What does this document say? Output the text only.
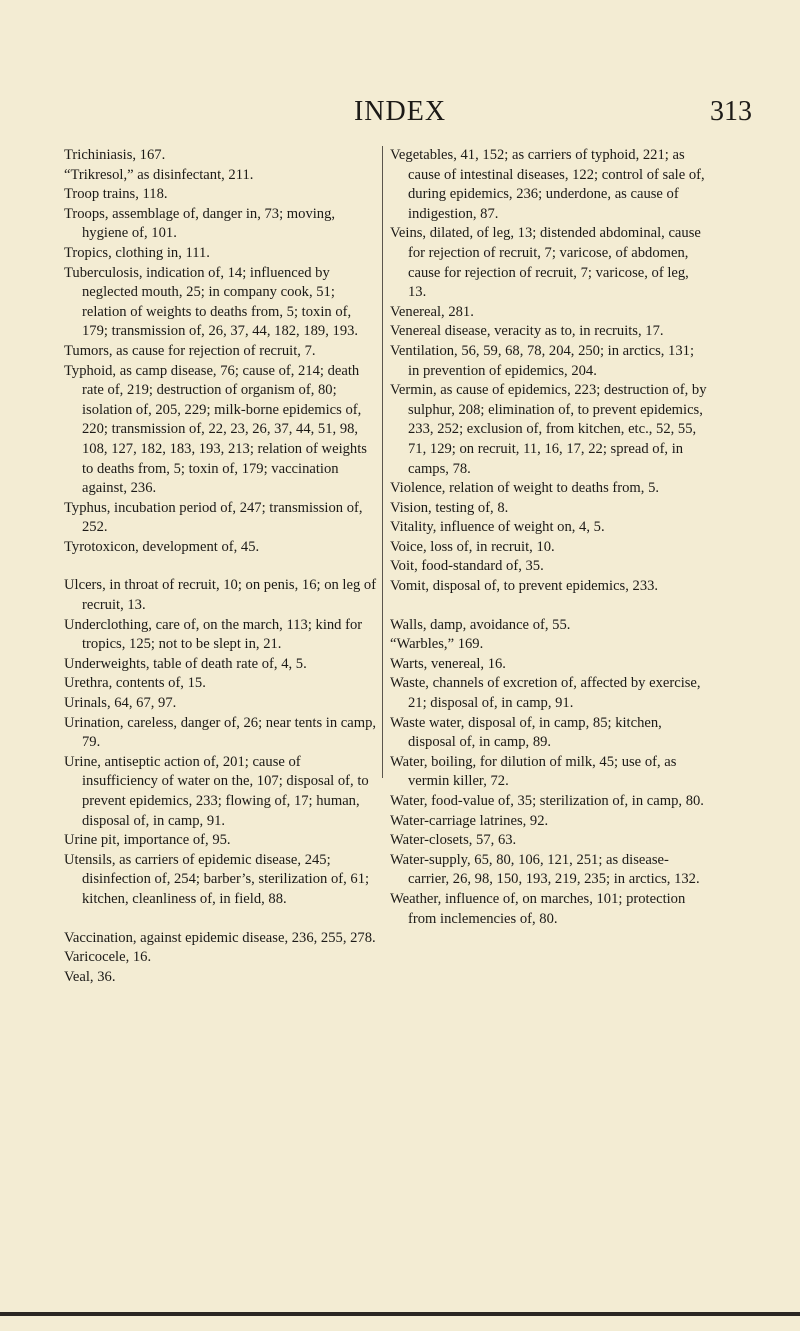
INDEX	313

Trichiniasis, 167.

“Trikresol,” as disinfectant, 211.

Troop trains, 118.

Troops, assemblage of, danger in, 73; moving, hygiene of, 101.

Tropics, clothing in, 111.

Tuberculosis, indication of, 14; influenced by neglected mouth, 25; in company cook, 51; relation of weights to deaths from, 5; toxin of, 179; transmission of, 26, 37, 44, 182, 189, 193.

Tumors, as cause for rejection of recruit, 7.

Typhoid, as camp disease, 76; cause of, 214; death rate of, 219; destruction of organism of, 80; isolation of, 205, 229; milk-borne epidemics of, 220; transmission of, 22, 23, 26, 37, 44, 51, 98, 108, 127, 182, 183, 193, 213; relation of weights to deaths from, 5; toxin of, 179; vaccination against, 236.

Typhus, incubation period of, 247; transmission of, 252.

Tyrotoxicon, development of, 45.

Ulcers, in throat of recruit, 10; on penis, 16; on leg of recruit, 13.

Underclothing, care of, on the march, 113; kind for tropics, 125; not to be slept in, 21.

Underweights, table of death rate of, 4, 5.

Urethra, contents of, 15.

Urinals, 64, 67, 97.

Urination, careless, danger of, 26; near tents in camp, 79.

Urine, antiseptic action of, 201; cause of insufficiency of water on the, 107; disposal of, to prevent epidemics, 233; flowing of, 17; human, disposal of, in camp, 91.

Urine pit, importance of, 95.

Utensils, as carriers of epidemic disease, 245; disinfection of, 254; barber’s, sterilization of, 61; kitchen, cleanliness of, in field, 88.

Vaccination, against epidemic disease, 236, 255, 278.

Varicocele, 16.

Veal, 36.

Vegetables, 41, 152; as carriers of typhoid, 221; as cause of intestinal diseases, 122; control of sale of, during epidemics, 236; underdone, as cause of indigestion, 87.

Veins, dilated, of leg, 13; distended abdominal, cause for rejection of recruit, 7; varicose, of abdomen, cause for rejection of recruit, 7; varicose, of leg, 13.

Venereal, 281.

Venereal disease, veracity as to, in recruits, 17.

Ventilation, 56, 59, 68, 78, 204, 250; in arctics, 131; in prevention of epidemics, 204.

Vermin, as cause of epidemics, 223; destruction of, by sulphur, 208; elimination of, to prevent epidemics, 233, 252; exclusion of, from kitchen, etc., 52, 55, 71, 129; on recruit, 11, 16, 17, 22; spread of, in camps, 78.

Violence, relation of weight to deaths from, 5.

Vision, testing of, 8.

Vitality, influence of weight on, 4, 5.

Voice, loss of, in recruit, 10.

Voit, food-standard of, 35.

Vomit, disposal of, to prevent epidemics, 233.

Walls, damp, avoidance of, 55.

“Warbles,” 169.

Warts, venereal, 16.

Waste, channels of excretion of, affected by exercise, 21; disposal of, in camp, 91.

Waste water, disposal of, in camp, 85; kitchen, disposal of, in camp, 89.

Water, boiling, for dilution of milk, 45; use of, as vermin killer, 72.

Water, food-value of, 35; sterilization of, in camp, 80.

Water-carriage latrines, 92.

Water-closets, 57, 63.

Water-supply, 65, 80, 106, 121, 251; as disease-carrier, 26, 98, 150, 193, 219, 235; in arctics, 132.

Weather, influence of, on marches, 101; protection from inclemencies of, 80.
